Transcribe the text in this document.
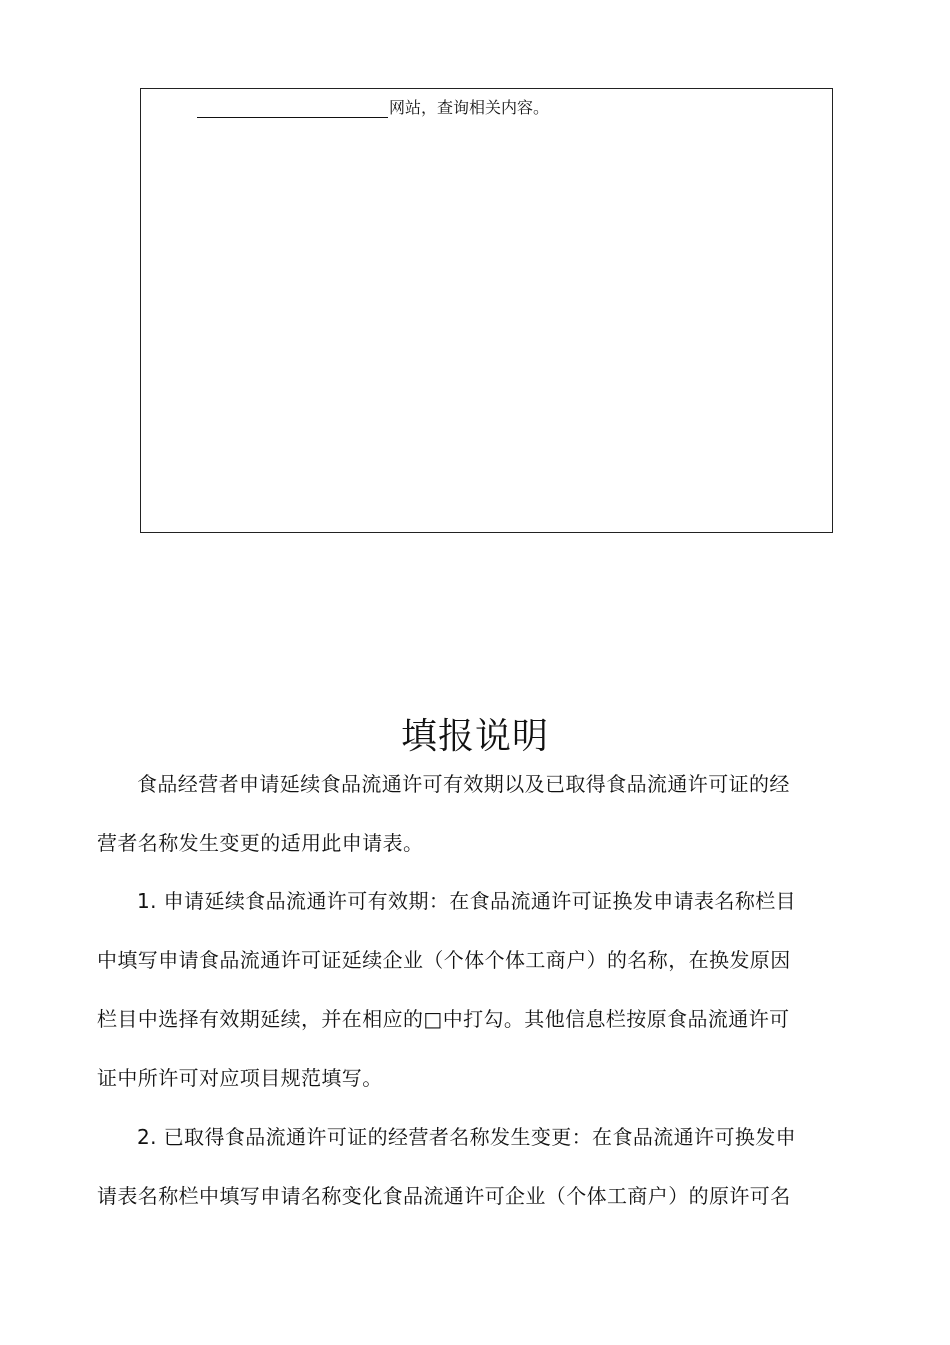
网站，查询相关内容。
填报说明
食品经营者申请延续食品流通许可有效期以及已取得食品流通许可证的经
营者名称发生变更的适用此申请表。
1. 申请延续食品流通许可有效期：在食品流通许可证换发申请表名称栏目
中填写申请食品流通许可证延续企业（个体个体工商户）的名称，在换发原因
栏目中选择有效期延续，并在相应的□中打勾。其他信息栏按原食品流通许可
证中所许可对应项目规范填写。
2. 已取得食品流通许可证的经营者名称发生变更：在食品流通许可换发申
请表名称栏中填写申请名称变化食品流通许可企业（个体工商户）的原许可名
